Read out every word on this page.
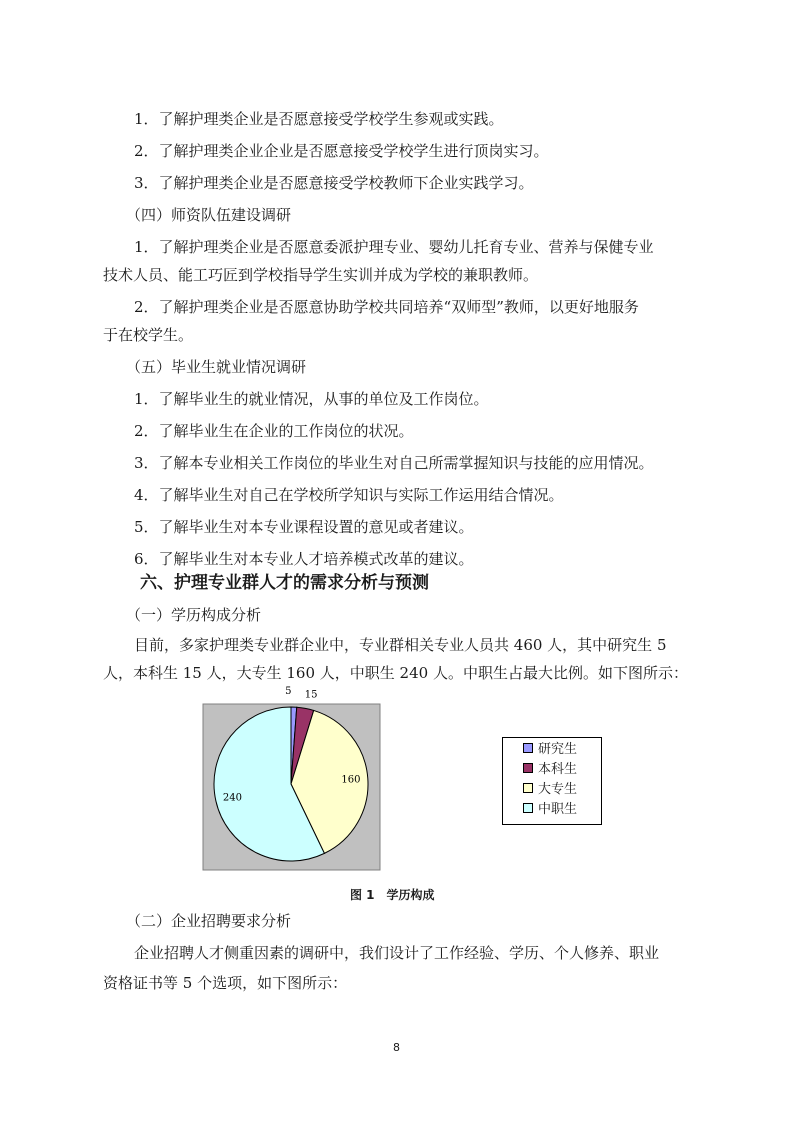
1．了解护理类企业是否愿意接受学校学生参观或实践。
2．了解护理类企业企业是否愿意接受学校学生进行顶岗实习。
3．了解护理类企业是否愿意接受学校教师下企业实践学习。
（四）师资队伍建设调研
1．了解护理类企业是否愿意委派护理专业、婴幼儿托育专业、营养与保健专业
技术人员、能工巧匠到学校指导学生实训并成为学校的兼职教师。
2．了解护理类企业是否愿意协助学校共同培养“双师型”教师，以更好地服务
于在校学生。
（五）毕业生就业情况调研
1．了解毕业生的就业情况，从事的单位及工作岗位。
2．了解毕业生在企业的工作岗位的状况。
3．了解本专业相关工作岗位的毕业生对自己所需掌握知识与技能的应用情况。
4．了解毕业生对自己在学校所学知识与实际工作运用结合情况。
5．了解毕业生对本专业课程设置的意见或者建议。
6．了解毕业生对本专业人才培养模式改革的建议。
六、护理专业群人才的需求分析与预测
（一）学历构成分析
目前，多家护理类专业群企业中，专业群相关专业人员共 460 人，其中研究生 5
人，本科生 15 人，大专生 160 人，中职生 240 人。中职生占最大比例。如下图所示：
5 15
160
240
研究生
本科生
大专生
中职生
图 1　学历构成
（二）企业招聘要求分析
企业招聘人才侧重因素的调研中，我们设计了工作经验、学历、个人修养、职业
资格证书等 5 个选项，如下图所示：
8
